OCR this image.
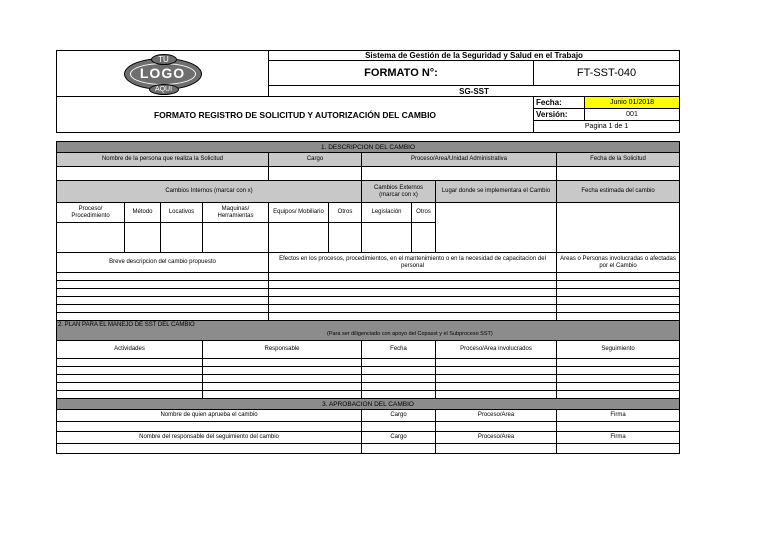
TU
LOGO
AQUI	Sistema de Gestión de la Seguridad y Salud en el Trabajo		
	FORMATO N°:	FT-SST-040	
	SG-SST		
FORMATO REGISTRO DE SOLICITUD Y AUTORIZACIÓN DEL CAMBIO		Fecha:	Junio 01/2018
		Versión:	001
		Pagina 1 de 1	
1. DESCRIPCION DEL CAMBIO									
Nombre de la persona que realiza la Solicitud				Cargo		Proceso/Area/Unidad Administrativa			Fecha de la Solicitud

Cambios Internos (marcar con x)						Cambios Externos (marcar con x)		Lugar donde se implementara el Cambio	Fecha estimada del cambio
Proceso/ Procedimiento	Método	Locativos	Maquinas/ Herramientas	Equipos/ Mobiliario	Otros	Legislación	Otros		

Breve descripcion del cambio propuesto				Efectos en los procesos, procedimientos, en el mantenimiento o en la necesidad de capacitacion del personal					Areas o Personas involucradas o afectadas por el Cambio

2. PLAN PARA EL MANEJO DE SST DEL CAMBIO
(Para ser diligenciado con apoyo del Copasst y el Subproceso SST)									

Actividades			Responsable			Fecha		Proceso/Area involucrados	Seguimiento

3. APROBACION DEL CAMBIO									
Nombre de quien aprueba el cambio						Cargo		Proceso/Area	Firma

Nombre del responsable del seguimiento del cambio						Cargo		Proceso/Area	Firma
